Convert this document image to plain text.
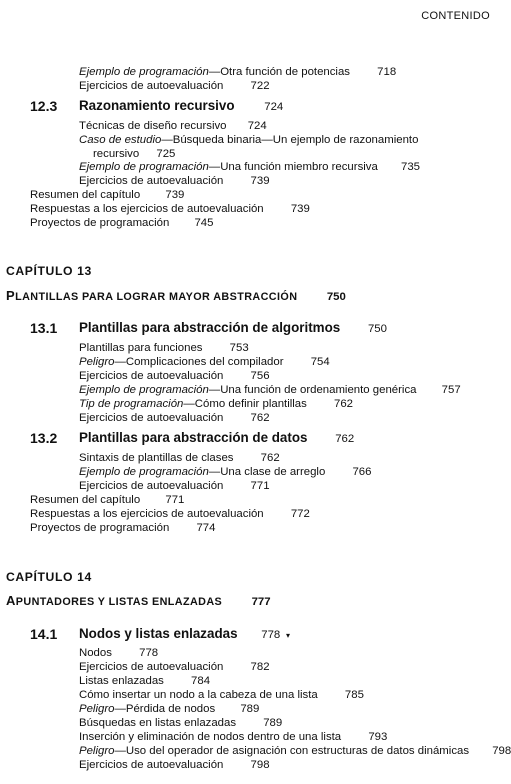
CONTENIDO
Ejemplo de programación—Otra función de potencias 718
Ejercicios de autoevaluación 722
12.3 Razonamiento recursivo	724
Técnicas de diseño recursivo 724
Caso de estudio—Búsqueda binaria—Un ejemplo de razonamiento
recursivo 725
Ejemplo de programación—Una función miembro recursiva 735
Ejercicios de autoevaluación 739
Resumen del capítulo 739
Respuestas a los ejercicios de autoevaluación 739
Proyectos de programación 745
CAPÍTULO 13
PLANTILLAS PARA LOGRAR MAYOR ABSTRACCIÓN	750
13.1 Plantillas para abstracción de algoritmos 750
Plantillas para funciones 753
Peligro—Complicaciones del compilador 754
Ejercicios de autoevaluación 756
Ejemplo de programación—Una función de ordenamiento genérica 757
Tip de programación—Cómo definir plantillas 762
Ejercicios de autoevaluación 762
13.2 Plantillas para abstracción de datos 762
Sintaxis de plantillas de clases 762
Ejemplo de programación—Una clase de arreglo 766
Ejercicios de autoevaluación 771
Resumen del capítulo 771
Respuestas a los ejercicios de autoevaluación 772
Proyectos de programación 774
CAPÍTULO 14
APUNTADORES Y LISTAS ENLAZADAS	777
14.1 Nodos y listas enlazadas 778 ▾
Nodos 778
Ejercicios de autoevaluación 782
Listas enlazadas 784
Cómo insertar un nodo a la cabeza de una lista 785
Peligro—Pérdida de nodos 789
Búsquedas en listas enlazadas 789
Inserción y eliminación de nodos dentro de una lista 793
Peligro—Uso del operador de asignación con estructuras de datos dinámicas 798
Ejercicios de autoevaluación 798
